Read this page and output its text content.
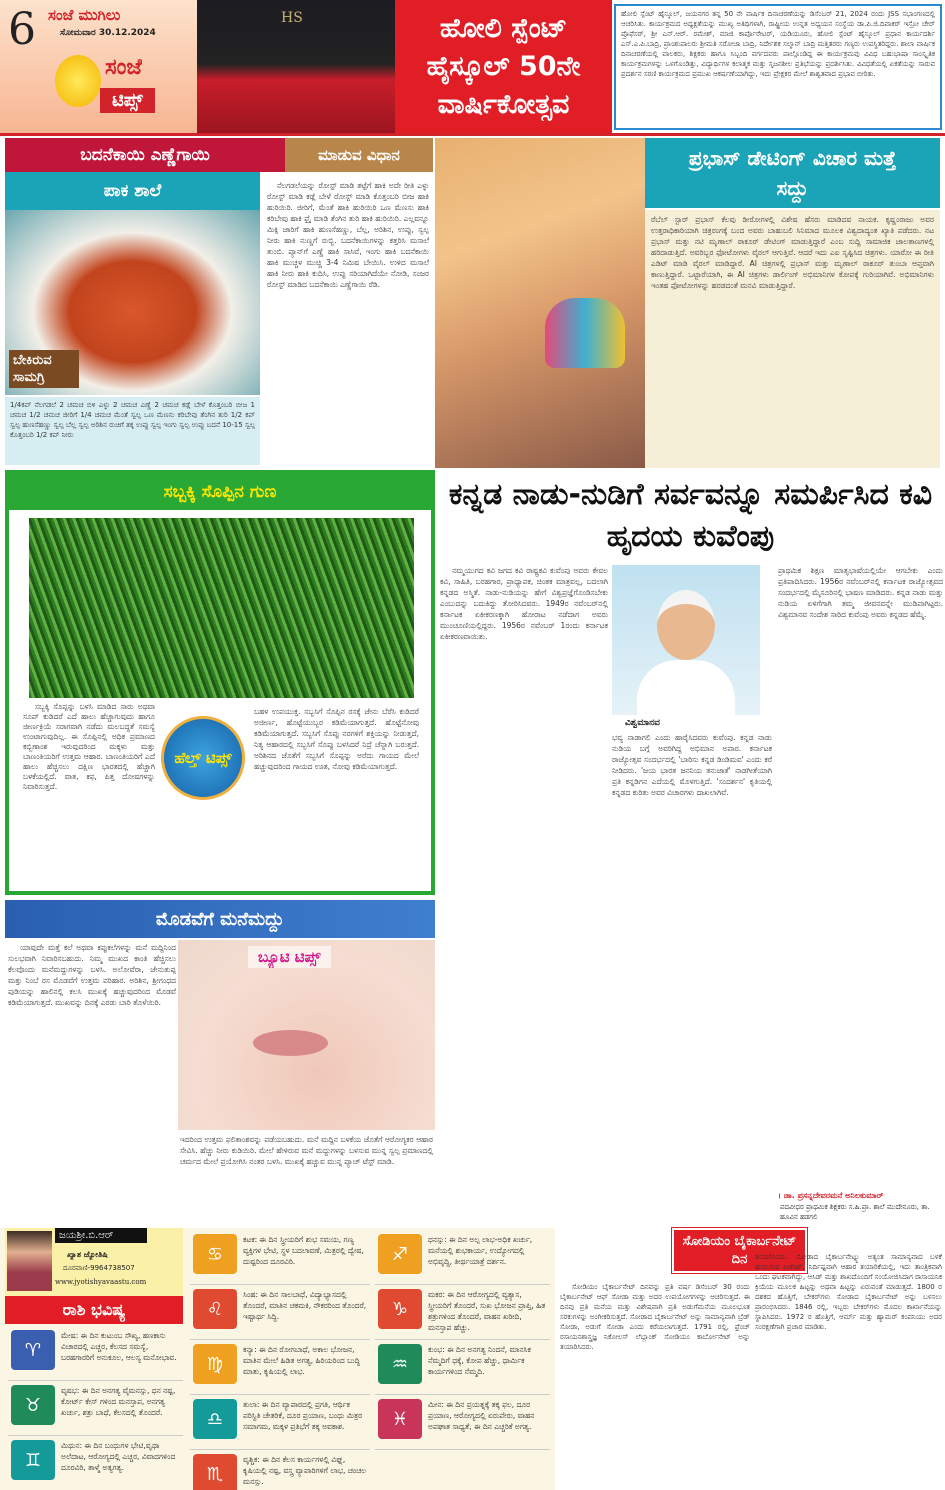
6 ಸಂಜೆ ಮುಗಿಲು
ಸೋಮವಾರ 30.12.2024
ಸಂಜೆ
ಟಿಪ್ಸ್
HS	ಹೋಲಿ ಸ್ಪೆಂಟ್ ಹೈಸ್ಕೂಲ್ 50ನೇ ವಾರ್ಷಿಕೋತ್ಸವ
ಹೋಲಿ ಸ್ಪೆಂಟ್ ಹೈಸ್ಕೂಲ್, ಜಯನಗರ ತನ್ನ 50 ನೇ ವಾರ್ಷಿಕ ದಿನಾಚರಣೆಯನ್ನು ಡಿಸೆಂಬರ್ 21, 2024 ರಂದು JSS ಸಭಾಂಗಣದಲ್ಲಿ ಆಚರಿಸಿತು. ಕಾರ್ಯಕ್ರಮದ ಅಧ್ಯಕ್ಷತೆಯನ್ನು ಮುಖ್ಯ ಅತಿಥಿಗಳಾಗಿ, ರಾಷ್ಟ್ರೀಯ ಉನ್ನತ ಅಧ್ಯಯನ ಸಂಸ್ಥೆಯ ಡಾ.ಪಿ.ಜಿ.ದಿವಾಕರ್ ಇಸ್ರೋ ಚೇರ್ ಪ್ರೊಫೆಸರ್, ಶ್ರೀ ಎನ್.ಆರ್. ರಮೇಶ್, ಮಾಜಿ ಕಾರ್ಪೊರೇಟರ್, ಯಡಿಯೂರು, ಹೋಲಿ ಸ್ಪೆಂಟ್ ಹೈಸ್ಕೂಲ್ ಪ್ರಧಾನ ಕಾರ್ಯದರ್ಶಿ ಎಸ್.ಎ.ಪಿ.ಬಾದ್ರಿ, ಪ್ರಾಂಶುಪಾಲರು ಶ್ರೀಮತಿ ಸರೋಜಾ ಬಾದ್ರಿ, ನಿರ್ದೇಶಕ ಸಲ್ಮಾನ್ ಬಾದ್ರಿ ಮತ್ತಿತರರು ಗಣ್ಯರು ಉಪಸ್ಥಿತರಿದ್ದರು. ಶಾಲಾ ವಾರ್ಷಿಕ ದಿನಾಚರಣೆಯಲ್ಲಿ ಪಾಲಕರು, ಶಿಕ್ಷಕರು ಹಾಗೂ ಸಿಬ್ಬಂದಿ ವರ್ಗದವರು ಪಾಲ್ಗೊಂಡಿದ್ದ ಈ ಕಾರ್ಯಕ್ರಮವು ವಿವಿಧ ಬಹುಭಾಷಾ ಸಾಂಸ್ಕೃತಿಕ ಕಾರ್ಯಕ್ರಮಗಳನ್ನು ಒಳಗೊಂಡಿತ್ತು, ವಿದ್ಯಾರ್ಥಿಗಳ ಕಲಾತ್ಮಕ ಮತ್ತು ಸೃಜನಶೀಲ ಪ್ರತಿಭೆಯನ್ನು ಪ್ರದರ್ಶಿಸಿತು. ವಿವಿಧತೆಯಲ್ಲಿ ಏಕತೆಯನ್ನು ಸಾರುವ ಪ್ರದರ್ಶನ ಸರಣಿ ಕಾರ್ಯಕ್ರಮದ ಪ್ರಮುಖ ಆಕರ್ಷಣೆಯಾಗಿದ್ದು, ಇದು ಪ್ರೇಕ್ಷಕರ ಮೇಲೆ ಶಾಶ್ವತವಾದ ಪ್ರಭಾವ ಬೀರಿತು.
ಬದನೆಕಾಯಿ ಎಣ್ಣೆಗಾಯಿ	ಮಾಡುವ ವಿಧಾನ
ಪಾಕ ಶಾಲೆ
ಬೇಕಿರುವ ಸಾಮಗ್ರಿ
1/4ಕಪ್ ನೆಲಗಡಲೆ 2 ಚಮಚ ಬಿಳಿ ಎಳ್ಳು 2 ಚಮಚ ಎಣ್ಣೆ 2 ಚಮಚ ಕಡ್ಲೆ ಬೇಳೆ ಕೊತ್ತಂಬರಿ ಬೀಜ 1 ಚಮಚ 1/2 ಚಮಚ ಜೀರಿಗೆ 1/4 ಚಮಚ ಮೆಂತೆ ಸ್ವಲ್ಪ ಒಣ ಮೆಣಸು ಕರಿಬೇವು ತೆಂಗಿನ ತುರಿ 1/2 ಕಪ್ ಸ್ವಲ್ಪ ಹುಣಸೆಹಣ್ಣು ಸ್ವಲ್ಪ ಬೆಲ್ಲ ಸ್ವಲ್ಪ ಅರಿಶಿನ ರುಚಿಗೆ ತಕ್ಕ ಉಪ್ಪು ಸ್ವಲ್ಪ ಇಂಗು ಸ್ವಲ್ಪ ಉಪ್ಪು ಬದನೆ 10-15 ಸ್ವಲ್ಪ ಕೊತ್ತಂಬರಿ 1/2 ಕಪ್ ನೀರು
ನೆಲಗಡಲೆಯನ್ನು ರೋಸ್ಟ್ ಮಾಡಿ ತಟ್ಟೆಗೆ ಹಾಕಿ ಅದೇ ರೀತಿ ಎಳ್ಳು ರೋಸ್ಟ್ ಮಾಡಿ ಕಡ್ಲೆ ಬೇಳೆ ರೋಸ್ಟ್ ಮಾಡಿ ಕೊತ್ತಂಬರಿ ಬೀಜ ಹಾಕಿ ಹುರಿಯಿರಿ. ಜೀರಿಗೆ, ಮೆಂತೆ ಹಾಕಿ ಹುರಿಯಿರಿ ಒಣ ಮೆಣಸು ಹಾಕಿ ಕರಿಬೇವು ಹಾಕಿ ಫ್ರೈ ಮಾಡಿ ತೆಂಗಿನ ತುರಿ ಹಾಕಿ ಹುರಿಯಿರಿ. ಎಲ್ಲವನ್ನೂ ಮಿಕ್ಸಿ ಜಾರಿಗೆ ಹಾಕಿ ಹುಣಸೆಹಣ್ಣು, ಬೆಲ್ಲ, ಅರಿಶಿನ, ಉಪ್ಪು, ಸ್ವಲ್ಪ ನೀರು ಹಾಕಿ ನುಣ್ಣಗೆ ರುಬ್ಬಿ. ಬದನೆಕಾಯಿಗಳನ್ನು ಕತ್ತರಿಸಿ ಮಸಾಲೆ ತುಂಬಿ. ಪ್ಯಾನ್‌ಗೆ ಎಣ್ಣೆ ಹಾಕಿ ಸಾಸಿವೆ, ಇಂಗು ಹಾಕಿ ಬದನೆಕಾಯಿ ಹಾಕಿ ಮುಚ್ಚಳ ಮುಚ್ಚಿ 3-4 ನಿಮಿಷ ಬೇಯಿಸಿ. ಉಳಿದ ಮಸಾಲೆ ಹಾಕಿ ನೀರು ಹಾಕಿ ಕುದಿಸಿ, ಉಪ್ಪು ಸರಿಯಾಗಿದೆಯೇ ನೋಡಿ, ಸಂಜರ ರೋಸ್ಟ್ ಮಾಡಿದ ಬದನೆಕಾಯಿ ಎಣ್ಣೆಗಾಯಿ ರೆಡಿ.
ಪ್ರಭಾಸ್ ಡೇಟಿಂಗ್ ವಿಚಾರ ಮತ್ತೆ ಸದ್ದು
ರೆಬೆಲ್ ಸ್ಟಾರ್ ಪ್ರಭಾಸ್ ಕೆಲವು ಡೀರೋಗಳಲ್ಲಿ ವಿಶೇಷ ಹೆಸರು ಮಾಡಿದವ ನಾಯಕ. ಕೃಷ್ಣಂರಾಜು ಅವರ ಉತ್ತರಾಧಿಕಾರಿಯಾಗಿ ಚಿತ್ರರಂಗಕ್ಕೆ ಬಂದ ಅವರು ಬಾಹುಬಲಿ ಸಿನಿಮಾದ ಮೂಲಕ ವಿಶ್ವದಾದ್ಯಂತ ಖ್ಯಾತಿ ಪಡೆದರು. ನಟ ಪ್ರಭಾಸ್ ಮತ್ತು ನಟಿ ಮೃಣಾಲ್ ಠಾಕೂರ್ ಡೇಟಿಂಗ್ ಮಾಡುತ್ತಿದ್ದಾರೆ ಎಂಬ ಸುದ್ದಿ ಸಾಮಾಜಿಕ ಜಾಲತಾಣಗಳಲ್ಲಿ ಹರಿದಾಡುತ್ತಿದೆ. ಅವರಿಬ್ಬರ ಫೋಟೋಗಳು ವೈರಲ್ ಆಗುತ್ತಿವೆ. ಆದರೆ ಇದು ಎಐ ಸೃಷ್ಟಿಸಿದ ಚಿತ್ರಗಳು. ಯಾರೋ ಈ ರೀತಿ ಎಡಿಟ್ ಮಾಡಿ ವೈರಲ್ ಮಾಡಿದ್ದಾರೆ. AI ಚಿತ್ರಗಳಲ್ಲಿ ಪ್ರಭಾಸ್ ಮತ್ತು ಮೃಣಾಲ್ ಠಾಕೂರ್ ತುಂಬಾ ಆಪ್ತವಾಗಿ ಕಾಣುತ್ತಿದ್ದಾರೆ. ಒಟ್ಟಾರೆಯಾಗಿ, ಈ AI ಚಿತ್ರಗಳು ಡಾರ್ಲಿಂಗ್ ಅಭಿಮಾನಿಗಳ ಕೋಪಕ್ಕೆ ಗುರಿಯಾಗಿವೆ. ಅಭಿಮಾನಿಗಳು ಇಂತಹ ಫೋಟೋಗಳನ್ನು ಹರಡದಂತೆ ಮನವಿ ಮಾಡುತ್ತಿದ್ದಾರೆ.
ಸಬ್ಬಕ್ಕಿ ಸೊಪ್ಪಿನ ಗುಣ
ಸಬ್ಬಕ್ಕಿ ಸೊಪ್ಪನ್ನು ಬಳಸಿ ಮಾಡಿದ ಸಾರು ಅಥವಾ ಸೂಪ್ ಕುಡಿದರೆ ಎದೆ ಹಾಲು ಹೆಚ್ಚಾಗುವುದು ಹಾಗೂ ಜೀರ್ಣಕ್ರಿಯೆ ಸರಾಗವಾಗಿ ನಡೆದು ಮಲಬದ್ಧತೆ ಸಮಸ್ಯೆ ಉಂಟಾಗುವುದಿಲ್ಲ. ಈ ಸೊಪ್ಪಿನಲ್ಲಿ ಅಧಿಕ ಪ್ರಮಾಣದ ಕಬ್ಬಿಣಾಂಶ ಇರುವುದರಿಂದ ಮಕ್ಕಳು ಮತ್ತು ಬಾಣಂತಿಯರಿಗೆ ಉತ್ತಮ ಆಹಾರ. ಬಾಣಂತಿಯರಿಗೆ ಎದೆ ಹಾಲು ಹೆಚ್ಚಿಸಲು ದಕ್ಷಿಣ ಭಾರತದಲ್ಲಿ ಹೆಚ್ಚಾಗಿ ಬಳಕೆಯಲ್ಲಿದೆ. ವಾತ, ಕಫ, ಪಿತ್ತ ದೋಷಗಳನ್ನು ನಿವಾರಿಸುತ್ತದೆ.
ಹೆಲ್ತ್ ಟಿಪ್ಸ್
ಬಹಳ ಉಪಯುಕ್ತ. ಸಬ್ಬಸಿಗೆ ಸೊಪ್ಪಿನ ರಸಕ್ಕೆ ಜೇನು ಬೆರೆಸಿ ಕುಡಿದರೆ ಅಜೀರ್ಣ, ಹೊಟ್ಟೆಯುಬ್ಬರ ಕಡಿಮೆಯಾಗುತ್ತದೆ. ಹೊಟ್ಟೆನೋವು ಕಡಿಮೆಯಾಗುತ್ತದೆ. ಸಬ್ಬಸಿಗೆ ಸೊಪ್ಪು ನರಗಳಿಗೆ ಶಕ್ತಿಯನ್ನು ನೀಡುತ್ತದೆ, ನಿತ್ಯ ಆಹಾರದಲ್ಲಿ ಸಬ್ಬಸಿಗೆ ಸೊಪ್ಪು ಬಳಸಿದರೆ ನಿದ್ರೆ ಚೆನ್ನಾಗಿ ಬರುತ್ತದೆ. ಅರಿಶಿನದ ಜೊತೆಗೆ ಸಬ್ಬಸಿಗೆ ಸೊಪ್ಪನ್ನು ಅರೆದು ಗಾಯದ ಮೇಲೆ ಹಚ್ಚುವುದರಿಂದ ಗಾಯದ ಊತ, ನೋವು ಕಡಿಮೆಯಾಗುತ್ತದೆ.
ಕನ್ನಡ ನಾಡು-ನುಡಿಗೆ ಸರ್ವವನ್ನೂ ಸಮರ್ಪಿಸಿದ ಕವಿ ಹೃದಯ ಕುವೆಂಪು
ನಮ್ಮಯುಗದ ಕವಿ ಜಗದ ಕವಿ ರಾಷ್ಟ್ರಕವಿ ಕುವೆಂಪು ಅವರು ಕೇವಲ ಕವಿ, ಸಾಹಿತಿ, ಬರಹಗಾರ, ಪ್ರಾಧ್ಯಾಪಕ, ಚಿಂತಕ ಮಾತ್ರವಲ್ಲ, ಬದಲಾಗಿ ಕನ್ನಡದ ಅಸ್ಮಿತೆ. ನಾಡು-ನುಡಿಯನ್ನು ಹೇಗೆ ವಿಶ್ವಪ್ರಜ್ಞೆಗೊಂಡಿಸಬೇಕು ಎಂಬುದನ್ನು ಬದುಕಿದ್ದು ತೋರಿಸಿದವರು. 1949ರ ನವೆಂಬರ್‌ನಲ್ಲಿ ಕರ್ನಾಟಕ ಏಕೀಕರಣಕ್ಕಾಗಿ ಹೋರಾಟ ನಡೆದಾಗ ಅವರು ಮುಂಚೂಣಿಯಲ್ಲಿದ್ದರು. 1956ರ ನವೆಂಬರ್ 1ರಂದು ಕರ್ನಾಟಕ ಏಕೀಕರಣವಾಯಿತು.
ವಿಶ್ವಮಾನವ
ಭವ್ಯ ನಾಡಾಗಲಿ ಎಂದು ಹಾರೈಸಿದವರು ಕುವೆಂಪು. ಕನ್ನಡ ನಾಡು ನುಡಿಯ ಬಗ್ಗೆ ಅವರಿಗಿದ್ದ ಅಭಿಮಾನ ಅಪಾರ. ಕರ್ನಾಟಕ ರಾಜ್ಯೋತ್ಸವ ಸಂದರ್ಭದಲ್ಲಿ 'ಬಾರಿಸು ಕನ್ನಡ ಡಿಂಡಿಮವ' ಎಂದು ಕರೆ ನೀಡಿದರು. 'ಜಯ ಭಾರತ ಜನನಿಯ ತನುಜಾತೆ' ನಾಡಗೀತೆಯಾಗಿ ಪ್ರತಿ ಕನ್ನಡಿಗನ ಎದೆಯಲ್ಲಿ ಮೊಳಗುತ್ತಿದೆ. 'ಸಂದರ್ಶನ' ಕೃತಿಯಲ್ಲಿ ಕನ್ನಡದ ಕುರಿತು ಅವರ ವಿಚಾರಗಳು ದಾಖಲಾಗಿವೆ.
ಪ್ರಾಥಮಿಕ ಶಿಕ್ಷಣ ಮಾತೃಭಾಷೆಯಲ್ಲಿಯೇ ಆಗಬೇಕು ಎಂದು ಪ್ರತಿಪಾದಿಸಿದರು. 1956ರ ನವೆಂಬರ್‌ನಲ್ಲಿ ಕರ್ನಾಟಕ ರಾಜ್ಯೋತ್ಸವದ ಸಂದರ್ಭದಲ್ಲಿ ಮೈಸೂರಿನಲ್ಲಿ ಭಾಷಣ ಮಾಡಿದರು. ಕನ್ನಡ ನಾಡು ಮತ್ತು ನುಡಿಯ ಏಳಿಗೆಗಾಗಿ ತಮ್ಮ ಜೀವನವನ್ನೇ ಮುಡಿಪಾಗಿಟ್ಟರು. ವಿಶ್ವಮಾನವ ಸಂದೇಶ ಸಾರಿದ ಕುವೆಂಪು ಅವರು ಕನ್ನಡದ ಹೆಮ್ಮೆ.
। ಡಾ. ಪ್ರಸನ್ನದೇವರಮನೆ ಅನಿಲಕುಮಾರ್
ಪದವೀಧರ ಪ್ರಾಥಮಿಕ ಶಿಕ್ಷಕರು ಸ.ಹಿ.ಪ್ರಾ. ಶಾಲೆ ಮುದೇನೂರು, ತಾ. ಹೂವಿನ ಹಡಗಲಿ
ಮೊಡವೆಗೆ ಮನೆಮದ್ದು
ಯಾವುದೇ ಮತ್ತೆ ಕಲೆ ಅಥವಾ ಕಪ್ಪುಕಲೆಗಳನ್ನು ಮನೆ ಮದ್ದಿನಿಂದ ಸುಲಭವಾಗಿ ನಿವಾರಿಸಬಹುದು. ನಿಮ್ಮ ಮುಖದ ಕಾಂತಿ ಹೆಚ್ಚಿಸಲು ಕೆಲವೊಂದು ಮನೆಮದ್ದುಗಳನ್ನು ಬಳಸಿ. ಅಲೋವೆರಾ, ಜೇನುತುಪ್ಪ ಮತ್ತು ನಿಂಬೆ ರಸ ಮೊಡವೆಗೆ ಉತ್ತಮ ಪರಿಹಾರ. ಅರಿಶಿನ, ಶ್ರೀಗಂಧದ ಪುಡಿಯನ್ನು ಹಾಲಿನಲ್ಲಿ ಕಲಸಿ ಮುಖಕ್ಕೆ ಹಚ್ಚುವುದರಿಂದ ಮೊಡವೆ ಕಡಿಮೆಯಾಗುತ್ತದೆ. ಮುಖವನ್ನು ದಿನಕ್ಕೆ ಎರಡು ಬಾರಿ ತೊಳೆಯಿರಿ.
ಬ್ಯೂಟಿ ಟಿಪ್ಸ್
ಇದರಿಂದ ಉತ್ತಮ ಫಲಿತಾಂಶವನ್ನು ಪಡೆಯಬಹುದು. ಮನೆ ಮದ್ದಿನ ಬಳಕೆಯ ಜೊತೆಗೆ ಆರೋಗ್ಯಕರ ಆಹಾರ ಸೇವಿಸಿ. ಹೆಚ್ಚು ನೀರು ಕುಡಿಯಿರಿ. ಮೇಲೆ ಹೇಳಿರುವ ಮನೆ ಮದ್ದುಗಳನ್ನು ಬಳಸುವ ಮುನ್ನ ಸ್ವಲ್ಪ ಪ್ರಮಾಣದಲ್ಲಿ ಚರ್ಮದ ಮೇಲೆ ಪ್ರಯೋಗಿಸಿ ನಂತರ ಬಳಸಿ. ಮುಖಕ್ಕೆ ಹಚ್ಚುವ ಮುನ್ನ ಪ್ಯಾಚ್ ಟೆಸ್ಟ್ ಮಾಡಿ.
ಜಯಶ್ರೀ.ಬಿ.ಆರ್
ಖ್ಯಾತ ಜ್ಯೋತಿಷಿ
ದೂರವಾಣಿ-9964738507
www.jyotishyavaastu.com
ರಾಶಿ ಭವಿಷ್ಯ
♈
ಮೇಷ: ಈ ದಿನ ಕುಟುಂಬ ಸೌಖ್ಯ, ಹಣಕಾಸು ವಿಚಾರದಲ್ಲಿ ಎಚ್ಚರ, ಕೆಲಸದ ಸಮಸ್ಯೆ, ಬರಹಗಾರರಿಗೆ ಅನುಕೂಲ, ಆಲಸ್ಯ ಮನೋಭಾವ.
♉
ವೃಷಭ: ಈ ದಿನ ಅನಗತ್ಯ ವೈಮನಸ್ಸು, ಧನ ನಷ್ಟ, ಕೋರ್ಟ್ ಕೇಸ್ ಗಳಿಂದ ಮನಸ್ತಾಪ, ಅನಗತ್ಯ ಖರ್ಚು, ಶತ್ರು ಬಾಧೆ, ಕೆಲಸದಲ್ಲಿ ತೊಂದರೆ.
♊
ಮಿಥುನ: ಈ ದಿನ ಬಂಧುಗಳ ಭೇಟಿ,ವೃಥಾ ಅಲೆದಾಟ, ಆರೋಗ್ಯದಲ್ಲಿ ಎಚ್ಚರ, ವಿವಾದಗಳಿಂದ ದೂರವಿರಿ, ತಾಳ್ಮೆ ಅತ್ಯಗತ್ಯ.
♋
ಕಟಕ: ಈ ದಿನ ಸ್ತ್ರೀಯರಿಗೆ ಶುಭ ಸಮಯ, ಗಣ್ಯ ವ್ಯಕ್ತಿಗಳ ಭೇಟಿ, ಸ್ಥಳ ಬದಲಾವಣೆ, ಮಿತ್ರರಲ್ಲಿ ದ್ವೇಷ, ದುಷ್ಟರಿಂದ ದೂರವಿರಿ.
♌
ಸಿಂಹ: ಈ ದಿನ ಸಾಲಬಾಧೆ, ವಿದ್ಯಾಭ್ಯಾಸದಲ್ಲಿ ತೊಂದರೆ, ಮಾತಿನ ಚಕಮಕಿ, ನೌಕರರಿಂದ ತೊಂದರೆ, ಇಷ್ಟಾರ್ಥ ಸಿದ್ಧಿ.
♍
ಕನ್ಯಾ: ಈ ದಿನ ರೋಗಬಾಧೆ, ಅಕಾಲ ಭೋಜನ, ಮಾತಿನ ಮೇಲೆ ಹಿಡಿತ ಅಗತ್ಯ, ಹಿರಿಯರಿಂದ ಬುದ್ಧಿ ಮಾತು, ಕೃಷಿಯಲ್ಲಿ ಲಾಭ.
♎
ತುಲಾ: ಈ ದಿನ ವ್ಯಾಪಾರದಲ್ಲಿ ಪ್ರಗತಿ, ಆರ್ಥಿಕ ಪರಿಸ್ಥಿತಿ ಚೇತರಿಕೆ, ದೂರ ಪ್ರಯಾಣ, ಬಂಧು ಮಿತ್ರರ ಸಮಾಗಮ, ಮಕ್ಕಳ ಪ್ರತಿಭೆಗೆ ತಕ್ಕ ಅವಕಾಶ.
♏
ವೃಶ್ಚಿಕ: ಈ ದಿನ ಕೆಲಸ ಕಾರ್ಯಗಳಲ್ಲಿ ವಿಘ್ನ, ಕೃಷಿಯಲ್ಲಿ ನಷ್ಟ, ವಸ್ತ್ರ ವ್ಯಾಪಾರಿಗಳಿಗೆ ಲಾಭ, ಚಂಚಲ ಮನಸ್ಸು.
♐
ಧನಸ್ಸು: ಈ ದಿನ ಅಲ್ಪ ಲಾಭ-ಅಧಿಕ ಖರ್ಚು, ಮನೆಯಲ್ಲಿ ಶುಭಕಾರ್ಯ, ಉದ್ಯೋಗದಲ್ಲಿ ಅಭಿವೃದ್ಧಿ, ತೀರ್ಥಯಾತ್ರೆ ದರ್ಶನ.
♑
ಮಕರ: ಈ ದಿನ ಆರೋಗ್ಯದಲ್ಲಿ ವ್ಯತ್ಯಾಸ, ಸ್ತ್ರೀಯರಿಗೆ ತೊಂದರೆ, ಸುಖ ಭೋಜನ ಪ್ರಾಪ್ತಿ, ಹಿತ ಶತ್ರುಗಳಿಂದ ತೊಂದರೆ, ವಾಹನ ಖರೀದಿ, ಮನಸ್ತಾಪ ಹೆಚ್ಚು.
♒
ಕುಂಭ: ಈ ದಿನ ಅನಗತ್ಯ ನಿಂದನೆ, ಮಾನಸಿಕ ನೆಮ್ಮದಿಗೆ ಧಕ್ಕೆ, ಕೋಪ ಹೆಚ್ಚು, ಧಾರ್ಮಿಕ ಕಾರ್ಯಗಳಿಂದ ನೆಮ್ಮದಿ.
♓
ಮೀನ: ಈ ದಿನ ಪ್ರಯತ್ನಕ್ಕೆ ತಕ್ಕ ಫಲ, ದೂರ ಪ್ರಯಾಣ, ಆರೋಗ್ಯದಲ್ಲಿ ಏರುಪೇರು, ವಾಹನ ಅಪಘಾತ ಸಾಧ್ಯತೆ, ಈ ದಿನ ಎಚ್ಚರಿಕೆ ಅಗತ್ಯ.
ಸೋಡಿಯಂ ಬೈಕಾರ್ಬನೇಟ್ ದಿನವನ್ನು ಪ್ರತಿ ವರ್ಷ ಡಿಸೆಂಬರ್ 30 ರಂದು ಬೈಕಾರ್ಬನೇಟ್ ಆಫ್ ಸೋಡಾ ಮತ್ತು ಅದರ ಉಪಯೋಗಗಳನ್ನು ಆಚರಿಸುತ್ತದೆ. ಈ ದಿನವು ಪ್ರತಿ ಮನೆಯ ಮತ್ತು ವಿಶೇಷವಾಗಿ ಪ್ರತಿ ಅಡುಗೆಮನೆಯ ಮೂಲಭೂತ ಸರಕುಗಳನ್ನು ಅಂಗೀಕರಿಸುತ್ತದೆ. ಸೋಡಾದ ಬೈಕಾರ್ಬನೇಟ್ ಅನ್ನು ಸಾಮಾನ್ಯವಾಗಿ ಬ್ರೆಡ್ ಸೋಡಾ, ಅಡುಗೆ ಸೋಡಾ ಎಂದು ಕರೆಯಲಾಗುತ್ತದೆ. 1791 ರಲ್ಲಿ, ಫ್ರೆಂಚ್ ರಸಾಯನಶಾಸ್ತ್ರಜ್ಞ ನಿಕೋಲಸ್ ಲೆಬ್ಲಾಂಕ್ ಸೋಡಿಯಂ ಕಾರ್ಬೋನೇಟ್ ಅನ್ನು ತಯಾರಿಸಿದರು.
ಸೋಡಿಯಂ ಬೈಕಾರ್ಬನೇಟ್ ದಿನ	ತಯಾರಿಸಿದರು. ಸೋಡಾದ ಬೈಕಾರ್ಬನೇಟ್ನ್ನು ಅತ್ಯಂತ ಸಾಮಾನ್ಯವಾದ ಬಳಕೆ ಹುದುಗುವ ಏಜೆಂಟ್, ನಿರ್ದಿಷ್ಟವಾಗಿ ಆಹಾರ ತಯಾರಿಕೆಯಲ್ಲಿ, ಇದು ತಾಂತ್ರಿಕವಾಗಿ ಒಂದು ಘಟಕವಾಗಿದ್ದು, ಆಸಿಡ್ ಮತ್ತು ಶಾಖದೊಂದಿಗೆ ಸಂಯೋಜಿಸಿದಾಗ ರಾಸಾಯನಿಕ ಕ್ರಿಯೆಯ ಮೂಲಕ ಹಿಟ್ಟನ್ನು ಅಥವಾ ಹಿಟ್ಟನ್ನು ಏರುವಂತೆ ಮಾಡುತ್ತದೆ. 1800 ರ ದಶಕದ ಹೊತ್ತಿಗೆ, ಬೇಕರ್‌ಗಳು ಸೋಡಾದ ಬೈಕಾರ್ಬನೇಟ್ ಅನ್ನು ಬಳಸಲು ಪ್ರಾರಂಭಿಸಿದರು. 1846 ರಲ್ಲಿ, ಇಬ್ಬರು ಬೇಕರ್‌ಗಳು ಮೊದಲ ಕಾರ್ಖಾನೆಯನ್ನು ಸ್ಥಾಪಿಸಿದರು. 1972 ರ ಹೊತ್ತಿಗೆ, ಆರ್ಮ್ ಮತ್ತು ಹ್ಯಾಮರ್ ಕಂಪನಿಯು ಅದರ ಸಂರಕ್ಷಣೆಗಾಗಿ ಪ್ರಚಾರ ಮಾಡಿತು.
